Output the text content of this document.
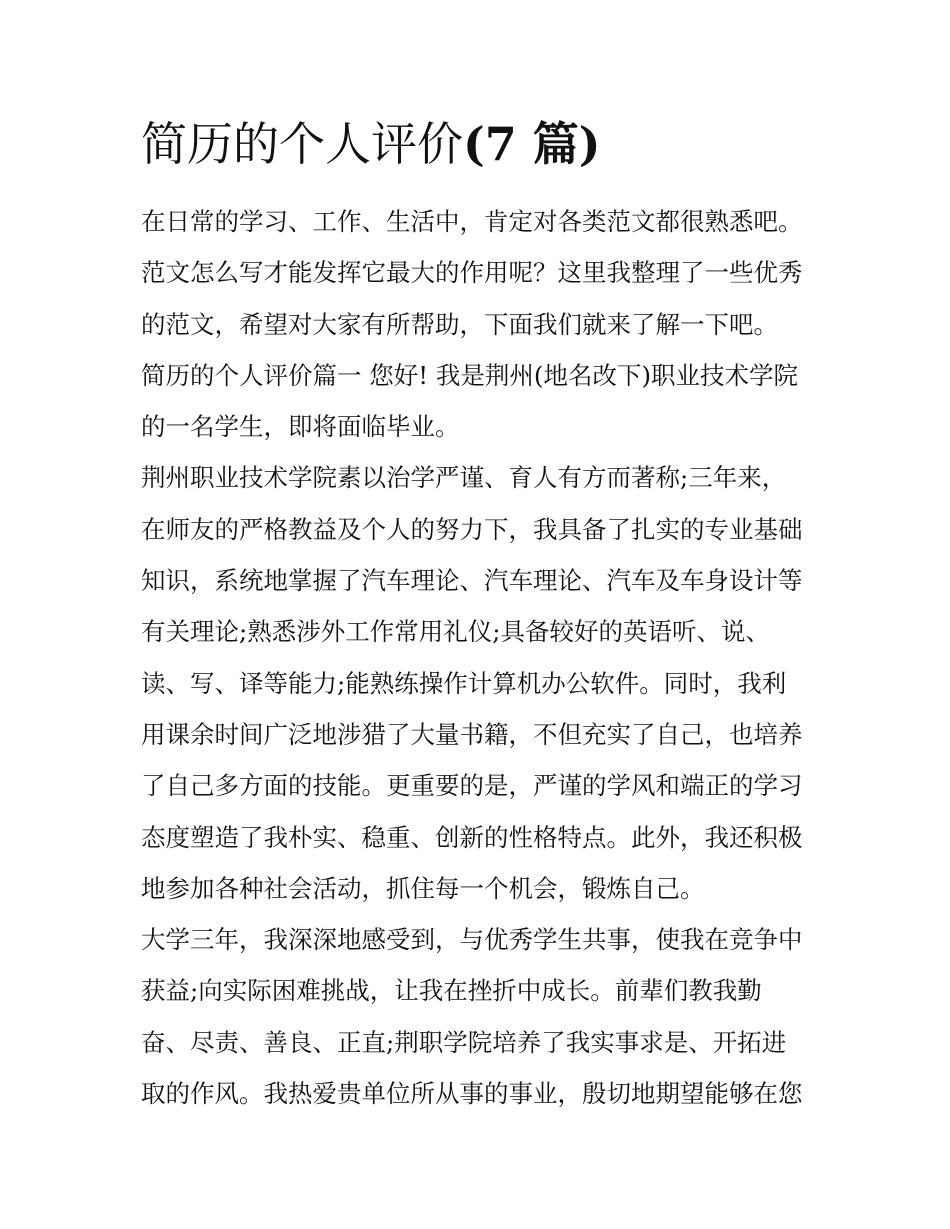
简历的个人评价(7 篇)
在日常的学习、工作、生活中，肯定对各类范文都很熟悉吧。
范文怎么写才能发挥它最大的作用呢？这里我整理了一些优秀
的范文，希望对大家有所帮助，下面我们就来了解一下吧。
简历的个人评价篇一 您好! 我是荆州(地名改下)职业技术学院
的一名学生，即将面临毕业。
荆州职业技术学院素以治学严谨、育人有方而著称;三年来，
在师友的严格教益及个人的努力下，我具备了扎实的专业基础
知识，系统地掌握了汽车理论、汽车理论、汽车及车身设计等
有关理论;熟悉涉外工作常用礼仪;具备较好的英语听、说、
读、写、译等能力;能熟练操作计算机办公软件。同时，我利
用课余时间广泛地涉猎了大量书籍，不但充实了自己，也培养
了自己多方面的技能。更重要的是，严谨的学风和端正的学习
态度塑造了我朴实、稳重、创新的性格特点。此外，我还积极
地参加各种社会活动，抓住每一个机会，锻炼自己。
大学三年，我深深地感受到，与优秀学生共事，使我在竞争中
获益;向实际困难挑战，让我在挫折中成长。前辈们教我勤
奋、尽责、善良、正直;荆职学院培养了我实事求是、开拓进
取的作风。我热爱贵单位所从事的事业，殷切地期望能够在您
